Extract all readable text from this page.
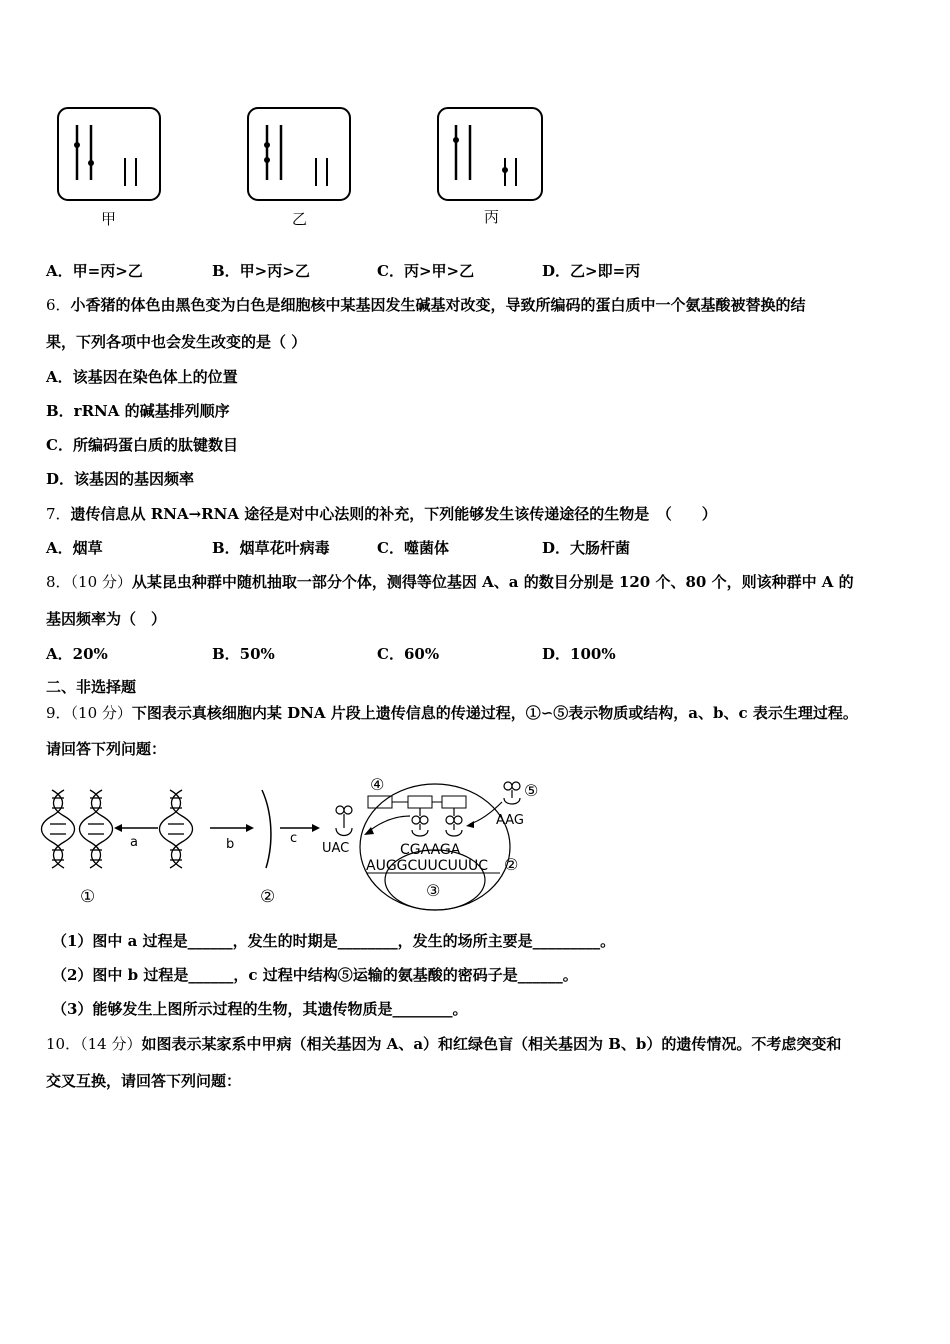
甲	乙	丙
A．甲=丙>乙	B．甲>丙>乙	C．丙>甲>乙	D．乙>即=丙
6．小香猪的体色由黑色变为白色是细胞核中某基因发生碱基对改变，导致所编码的蛋白质中一个氨基酸被替换的结
果，下列各项中也会发生改变的是（ ）
A．该基因在染色体上的位置
B．rRNA 的碱基排列顺序
C．所编码蛋白质的肽键数目
D．该基因的基因频率
7．遗传信息从 RNA→RNA 途径是对中心法则的补充，下列能够发生该传递途径的生物是　（　　）
A．烟草	B．烟草花叶病毒	C．噬菌体	D．大肠杆菌
8．（10 分）从某昆虫种群中随机抽取一部分个体，测得等位基因 A、a 的数目分别是 120 个、80 个，则该种群中 A 的
基因频率为（　）
A．20%	B．50%	C．60%	D．100%
二、非选择题
9．（10 分）下图表示真核细胞内某 DNA 片段上遗传信息的传递过程，①∽⑤表示物质或结构，a、b、c 表示生理过程。
请回答下列问题：
a	b
②
c
UAC
④
CGAAGA
AUGGCUUCUUUC ②
③
⑤
AAG
①
（1）图中 a 过程是______，发生的时期是________，发生的场所主要是_________。
（2）图中 b 过程是______，c 过程中结构⑤运输的氨基酸的密码子是______。
（3）能够发生上图所示过程的生物，其遗传物质是________。
10．（14 分）如图表示某家系中甲病（相关基因为 A、a）和红绿色盲（相关基因为 B、b）的遗传情况。不考虑突变和
交叉互换，请回答下列问题：
